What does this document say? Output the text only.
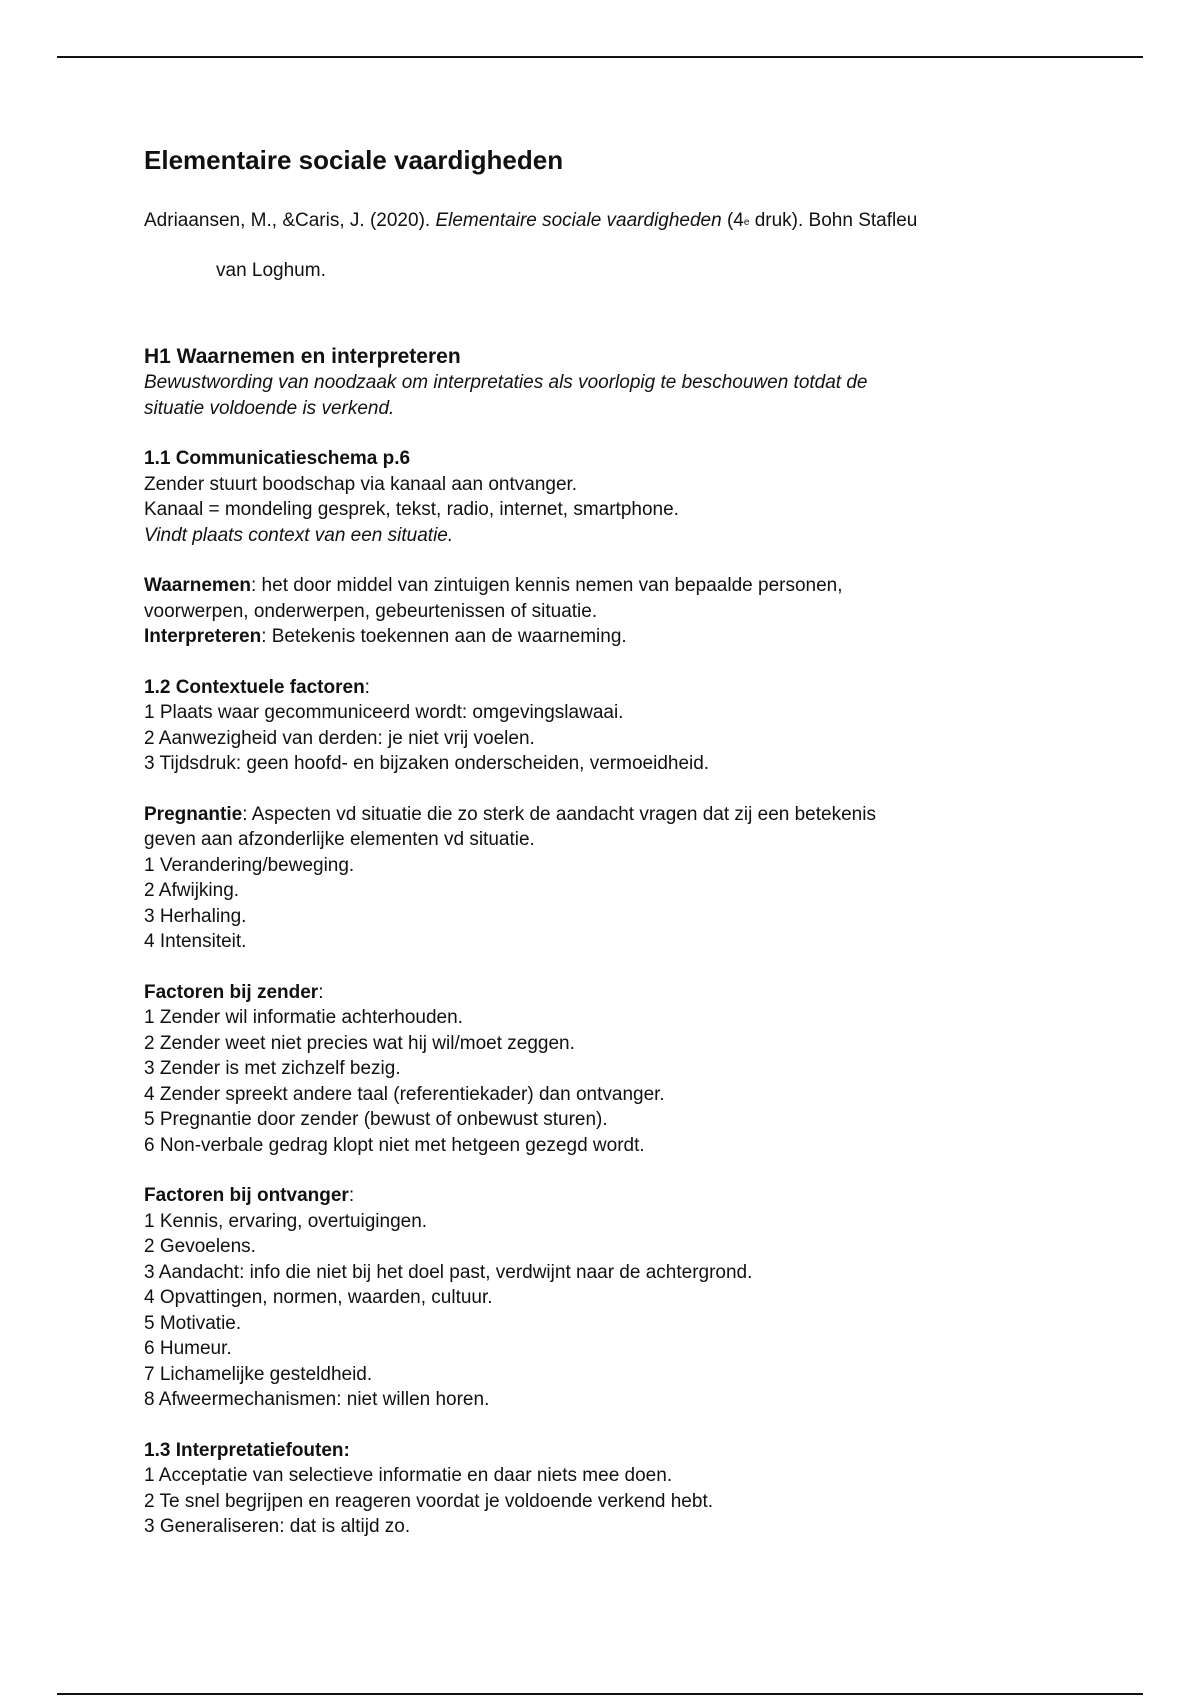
Elementaire sociale vaardigheden

Adriaansen, M., &Caris, J. (2020). Elementaire sociale vaardigheden (4e druk). Bohn Stafleu

van Loghum.

H1 Waarnemen en interpreteren
Bewustwording van noodzaak om interpretaties als voorlopig te beschouwen totdat de
situatie voldoende is verkend.
1.1 Communicatieschema p.6
Zender stuurt boodschap via kanaal aan ontvanger.
Kanaal = mondeling gesprek, tekst, radio, internet, smartphone.
Vindt plaats context van een situatie.
Waarnemen: het door middel van zintuigen kennis nemen van bepaalde personen,
voorwerpen, onderwerpen, gebeurtenissen of situatie.
Interpreteren: Betekenis toekennen aan de waarneming.
1.2 Contextuele factoren:
1 Plaats waar gecommuniceerd wordt: omgevingslawaai.
2 Aanwezigheid van derden: je niet vrij voelen.
3 Tijdsdruk: geen hoofd- en bijzaken onderscheiden, vermoeidheid.
Pregnantie: Aspecten vd situatie die zo sterk de aandacht vragen dat zij een betekenis
geven aan afzonderlijke elementen vd situatie.
1 Verandering/beweging.
2 Afwijking.
3 Herhaling.
4 Intensiteit.
Factoren bij zender:
1 Zender wil informatie achterhouden.
2 Zender weet niet precies wat hij wil/moet zeggen.
3 Zender is met zichzelf bezig.
4 Zender spreekt andere taal (referentiekader) dan ontvanger.
5 Pregnantie door zender (bewust of onbewust sturen).
6 Non-verbale gedrag klopt niet met hetgeen gezegd wordt.
Factoren bij ontvanger:
1 Kennis, ervaring, overtuigingen.
2 Gevoelens.
3 Aandacht: info die niet bij het doel past, verdwijnt naar de achtergrond.
4 Opvattingen, normen, waarden, cultuur.
5 Motivatie.
6 Humeur.
7 Lichamelijke gesteldheid.
8 Afweermechanismen: niet willen horen.
1.3 Interpretatiefouten:
1 Acceptatie van selectieve informatie en daar niets mee doen.
2 Te snel begrijpen en reageren voordat je voldoende verkend hebt.
3 Generaliseren: dat is altijd zo.
